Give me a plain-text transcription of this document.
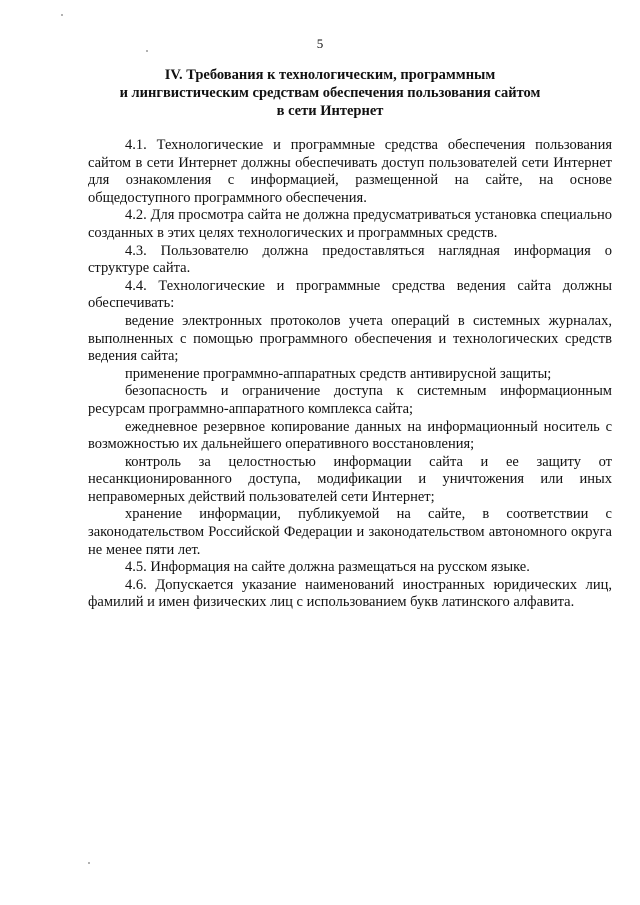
5
IV. Требования к технологическим, программным
и лингвистическим средствам обеспечения пользования сайтом
в сети Интернет

4.1. Технологические и программные средства обеспечения пользования сайтом в сети Интернет должны обеспечивать доступ пользователей сети Интернет для ознакомления с информацией, размещенной на сайте, на основе общедоступного программного обеспечения.

4.2. Для просмотра сайта не должна предусматриваться установка специально созданных в этих целях технологических и программных средств.

4.3. Пользователю должна предоставляться наглядная информация о структуре сайта.

4.4. Технологические и программные средства ведения сайта должны обеспечивать:

ведение электронных протоколов учета операций в системных журналах, выполненных с помощью программного обеспечения и технологических средств ведения сайта;

применение программно-аппаратных средств антивирусной защиты;

безопасность и ограничение доступа к системным информационным ресурсам программно-аппаратного комплекса сайта;

ежедневное резервное копирование данных на информационный носитель с возможностью их дальнейшего оперативного восстановления;

контроль за целостностью информации сайта и ее защиту от несанкционированного доступа, модификации и уничтожения или иных неправомерных действий пользователей сети Интернет;

хранение информации, публикуемой на сайте, в соответствии с законодательством Российской Федерации и законодательством автономного округа не менее пяти лет.

4.5. Информация на сайте должна размещаться на русском языке.

4.6. Допускается указание наименований иностранных юридических лиц, фамилий и имен физических лиц с использованием букв латинского алфавита.
